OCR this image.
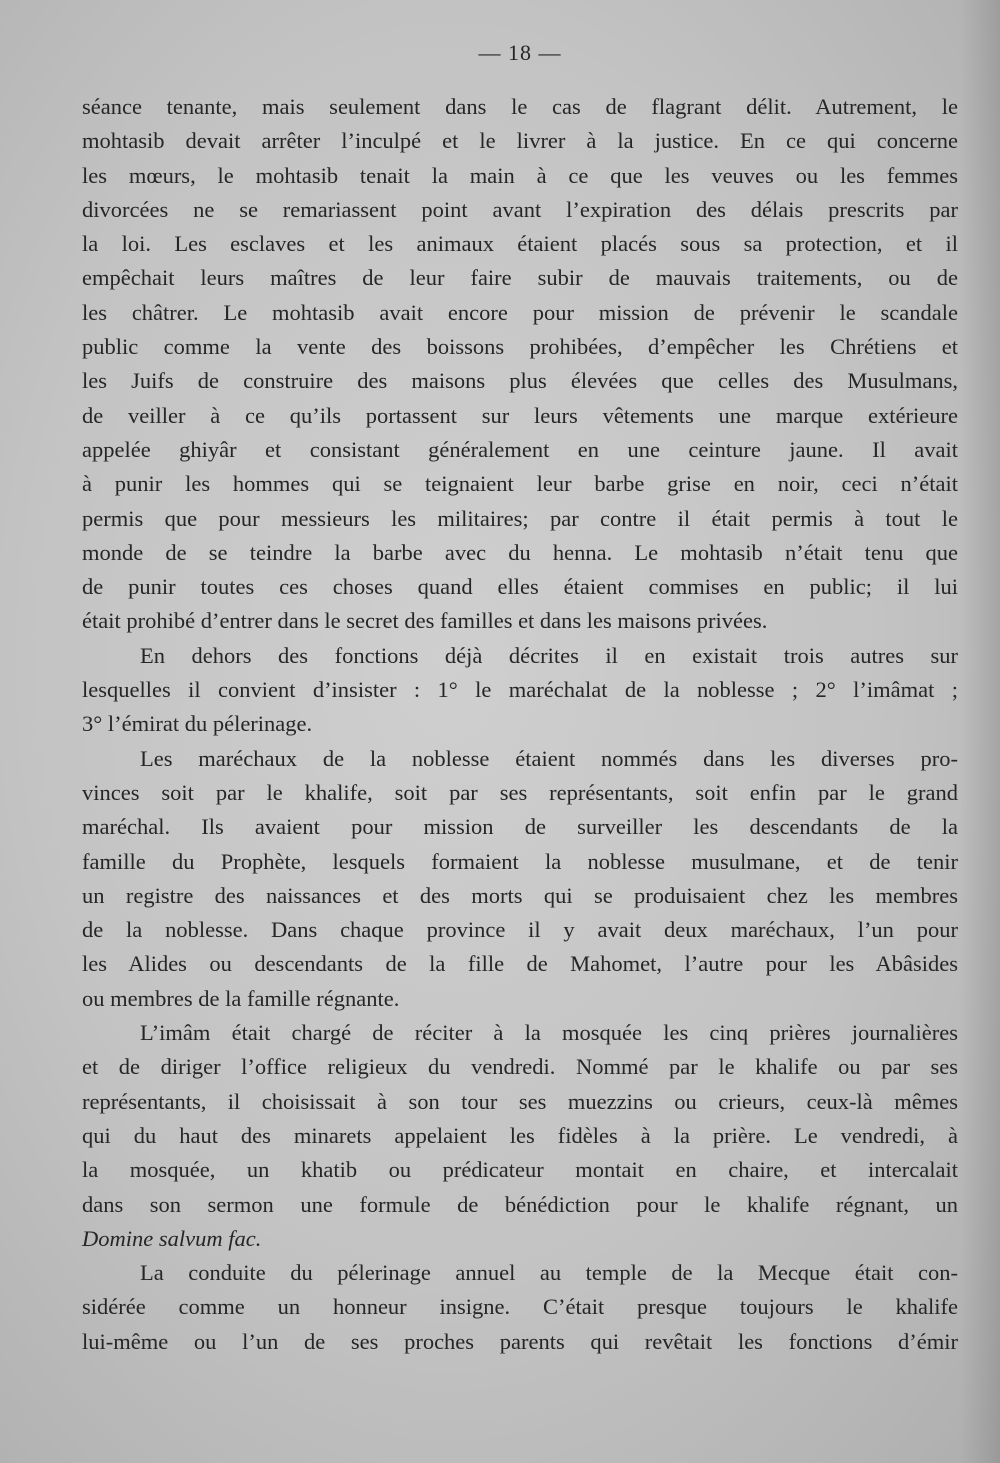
— 18 —

séance tenante, mais seulement dans le cas de flagrant délit. Autrement, le
mohtasib devait arrêter l’inculpé et le livrer à la justice. En ce qui concerne
les mœurs, le mohtasib tenait la main à ce que les veuves ou les femmes
divorcées ne se remariassent point avant l’expiration des délais prescrits par
la loi. Les esclaves et les animaux étaient placés sous sa protection, et il
empêchait leurs maîtres de leur faire subir de mauvais traitements, ou de
les châtrer. Le mohtasib avait encore pour mission de prévenir le scandale
public comme la vente des boissons prohibées, d’empêcher les Chrétiens et
les Juifs de construire des maisons plus élevées que celles des Musulmans,
de veiller à ce qu’ils portassent sur leurs vêtements une marque extérieure
appelée ghiyâr et consistant généralement en une ceinture jaune. Il avait
à punir les hommes qui se teignaient leur barbe grise en noir, ceci n’était
permis que pour messieurs les militaires; par contre il était permis à tout le
monde de se teindre la barbe avec du henna. Le mohtasib n’était tenu que
de punir toutes ces choses quand elles étaient commises en public; il lui
était prohibé d’entrer dans le secret des familles et dans les maisons privées.

En dehors des fonctions déjà décrites il en existait trois autres sur
lesquelles il convient d’insister : 1° le maréchalat de la noblesse ; 2° l’imâmat ;
3° l’émirat du pélerinage.

Les maréchaux de la noblesse étaient nommés dans les diverses pro-
vinces soit par le khalife, soit par ses représentants, soit enfin par le grand
maréchal. Ils avaient pour mission de surveiller les descendants de la
famille du Prophète, lesquels formaient la noblesse musulmane, et de tenir
un registre des naissances et des morts qui se produisaient chez les membres
de la noblesse. Dans chaque province il y avait deux maréchaux, l’un pour
les Alides ou descendants de la fille de Mahomet, l’autre pour les Abâsides
ou membres de la famille régnante.

L’imâm était chargé de réciter à la mosquée les cinq prières journalières
et de diriger l’office religieux du vendredi. Nommé par le khalife ou par ses
représentants, il choisissait à son tour ses muezzins ou crieurs, ceux-là mêmes
qui du haut des minarets appelaient les fidèles à la prière. Le vendredi, à
la mosquée, un khatib ou prédicateur montait en chaire, et intercalait
dans son sermon une formule de bénédiction pour le khalife régnant, un
Domine salvum fac.

La conduite du pélerinage annuel au temple de la Mecque était con-
sidérée comme un honneur insigne. C’était presque toujours le khalife
lui-même ou l’un de ses proches parents qui revêtait les fonctions d’émir
